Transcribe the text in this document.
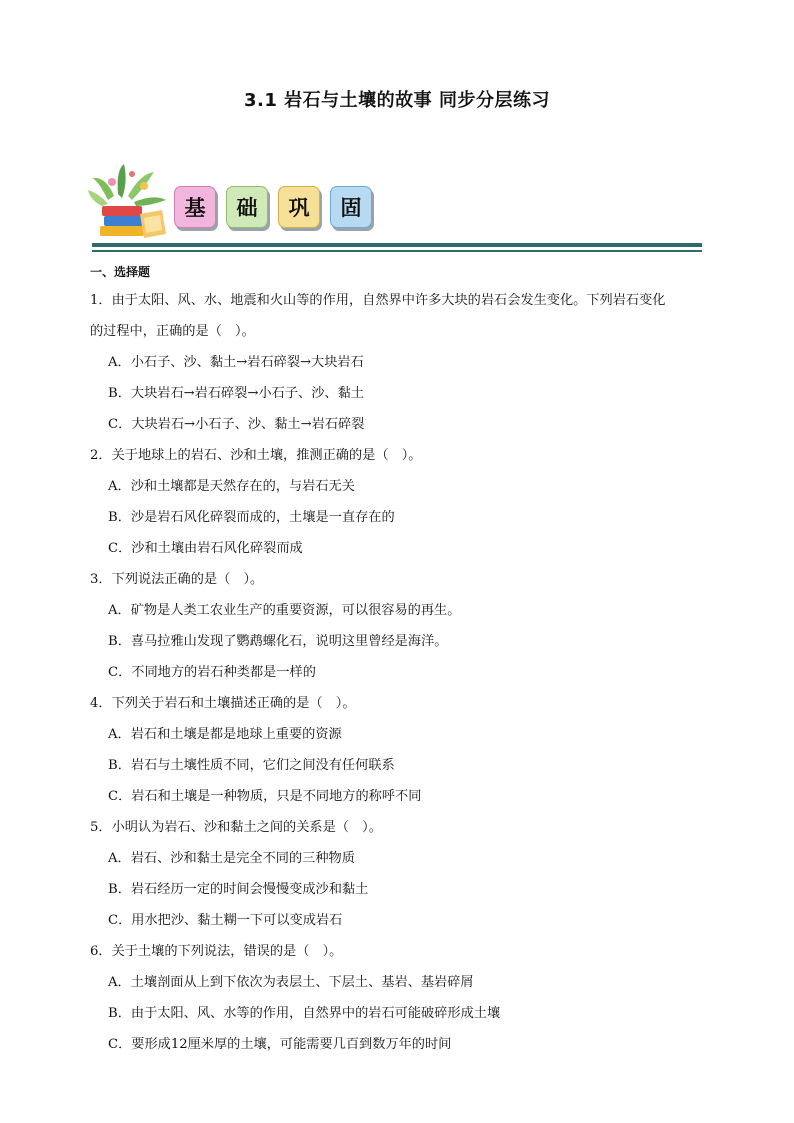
3.1 岩石与土壤的故事 同步分层练习
基	础	巩	固
一、选择题
1．由于太阳、风、水、地震和火山等的作用，自然界中许多大块的岩石会发生变化。下列岩石变化
的过程中，正确的是（　）。
A．小石子、沙、黏土→岩石碎裂→大块岩石
B．大块岩石→岩石碎裂→小石子、沙、黏土
C．大块岩石→小石子、沙、黏土→岩石碎裂
2．关于地球上的岩石、沙和土壤，推测正确的是（　）。
A．沙和土壤都是天然存在的，与岩石无关
B．沙是岩石风化碎裂而成的，土壤是一直存在的
C．沙和土壤由岩石风化碎裂而成
3．下列说法正确的是（　）。
A．矿物是人类工农业生产的重要资源，可以很容易的再生。
B．喜马拉雅山发现了鹦鹉螺化石，说明这里曾经是海洋。
C．不同地方的岩石种类都是一样的
4．下列关于岩石和土壤描述正确的是（　）。
A．岩石和土壤是都是地球上重要的资源
B．岩石与土壤性质不同，它们之间没有任何联系
C．岩石和土壤是一种物质，只是不同地方的称呼不同
5．小明认为岩石、沙和黏土之间的关系是（　）。
A．岩石、沙和黏土是完全不同的三种物质
B．岩石经历一定的时间会慢慢变成沙和黏土
C．用水把沙、黏土糊一下可以变成岩石
6．关于土壤的下列说法，错误的是（　）。
A．土壤剖面从上到下依次为表层土、下层土、基岩、基岩碎屑
B．由于太阳、风、水等的作用，自然界中的岩石可能破碎形成土壤
C．要形成12厘米厚的土壤，可能需要几百到数万年的时间
